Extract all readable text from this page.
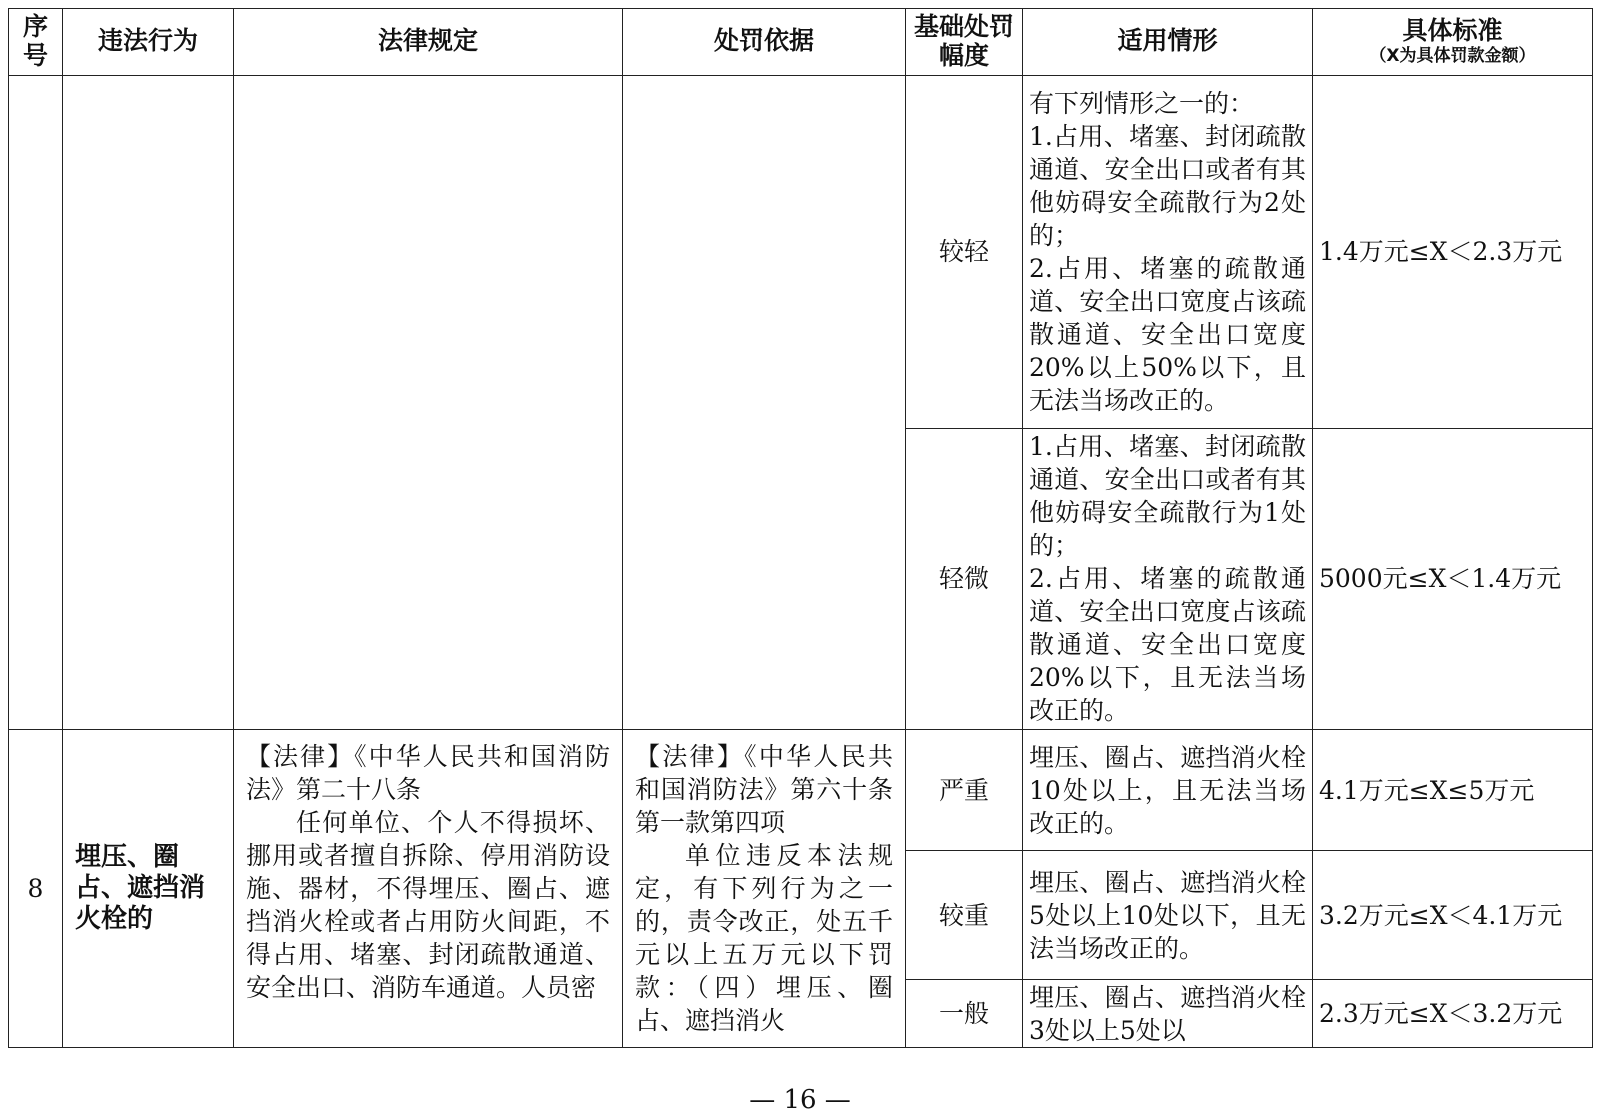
序号	违法行为	法律规定	处罚依据	基础处罚幅度	适用情形	具体标准
（X为具体罚款金额）

				较轻	有下列情形之一的：
1.占用、堵塞、封闭疏散通道、安全出口或者有其他妨碍安全疏散行为2处的；
2.占用、堵塞的疏散通道、安全出口宽度占该疏散通道、安全出口宽度20%以上50%以下，且无法当场改正的。	1.4万元≤X＜2.3万元
				轻微	1.占用、堵塞、封闭疏散通道、安全出口或者有其他妨碍安全疏散行为1处的；
2.占用、堵塞的疏散通道、安全出口宽度占该疏散通道、安全出口宽度20%以下，且无法当场改正的。	5000元≤X＜1.4万元
8	埋压、圈占、遮挡消火栓的	【法律】《中华人民共和国消防法》第二十八条
任何单位、个人不得损坏、挪用或者擅自拆除、停用消防设施、器材，不得埋压、圈占、遮挡消火栓或者占用防火间距，不得占用、堵塞、封闭疏散通道、安全出口、消防车通道。人员密	【法律】《中华人民共和国消防法》第六十条第一款第四项
单位违反本法规定，有下列行为之一的，责令改正，处五千元以上五万元以下罚款：（四）埋压、圈占、遮挡消火	严重	埋压、圈占、遮挡消火栓10处以上，且无法当场改正的。	4.1万元≤X≤5万元
				较重	埋压、圈占、遮挡消火栓5处以上10处以下，且无法当场改正的。	3.2万元≤X＜4.1万元
				一般	埋压、圈占、遮挡消火栓3处以上5处以	2.3万元≤X＜3.2万元
— 16 —
